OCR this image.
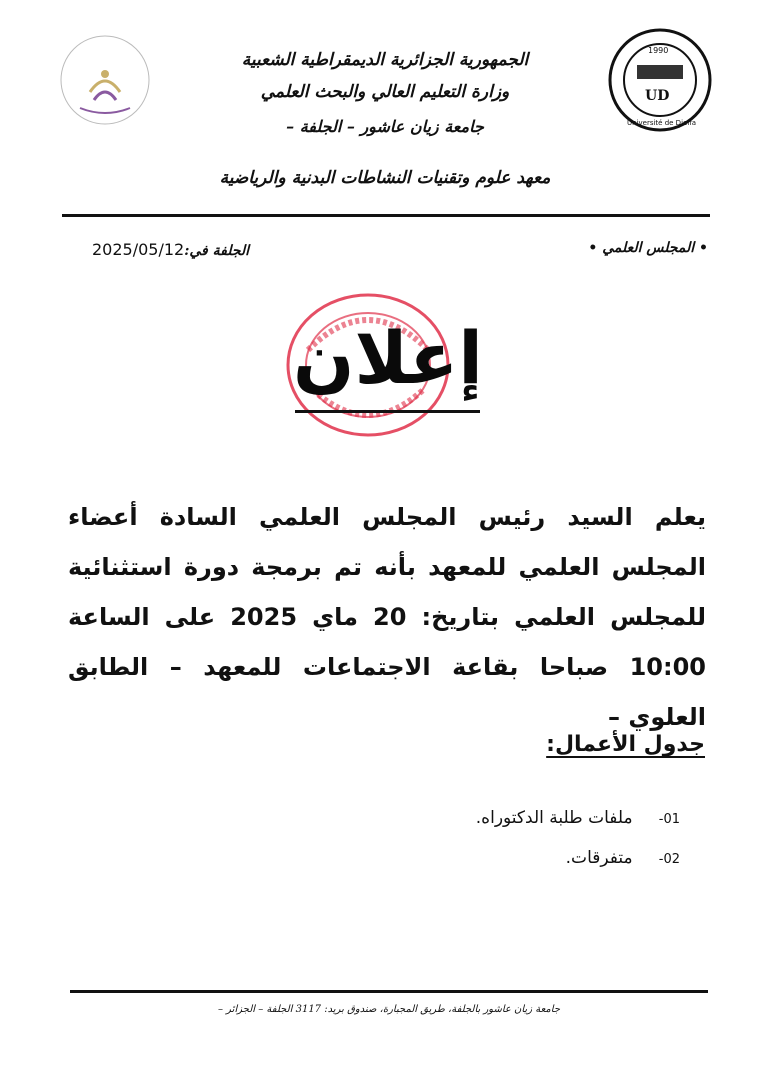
UD
1990
Université de Djelfa
الجمهورية الجزائرية الديمقراطية الشعبية
وزارة التعليم العالي والبحث العلمي
جامعة زيان عاشور – الجلفة –
معهد علوم وتقنيات النشاطات البدنية والرياضية
• المجلس العلمي •
الجلفة في:2025/05/12
إعلان
يعلم السيد رئيس المجلس العلمي السادة أعضاء المجلس العلمي للمعهد بأنه تم برمجة دورة استثنائية للمجلس العلمي بتاريخ: 20 ماي 2025 على الساعة 10:00 صباحا بقاعة الاجتماعات للمعهد – الطابق العلوي –
جدول الأعمال:
01- ملفات طلبة الدكتوراه.
02- متفرقات.
جامعة زيان عاشور بالجلفة، طريق المجبارة، صندوق بريد: 3117 الجلفة – الجزائر –
